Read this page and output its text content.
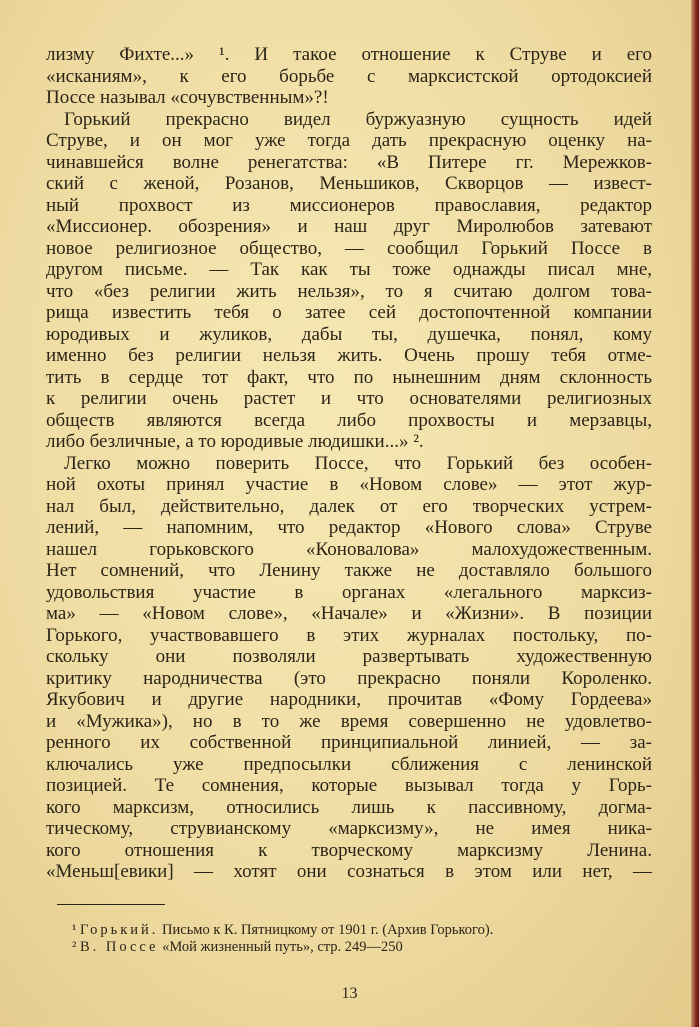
лизму Фихте...» ¹. И такое отношение к Струве и его
«исканиям», к его борьбе с марксистской ортодоксией
Поссе называл «сочувственным»?!
Горький прекрасно видел буржуазную сущность идей
Струве, и он мог уже тогда дать прекрасную оценку на-
чинавшейся волне ренегатства: «В Питере гг. Мережков-
ский с женой, Розанов, Меньшиков, Скворцов — извест-
ный прохвост из миссионеров православия, редактор
«Миссионер. обозрения» и наш друг Миролюбов затевают
новое религиозное общество, — сообщил Горький Поссе в
другом письме. — Так как ты тоже однажды писал мне,
что «без религии жить нельзя», то я считаю долгом това-
рища известить тебя о затее сей достопочтенной компании
юродивых и жуликов, дабы ты, душечка, понял, кому
именно без религии нельзя жить. Очень прошу тебя отме-
тить в сердце тот факт, что по нынешним дням склонность
к религии очень растет и что основателями религиозных
обществ являются всегда либо прохвосты и мерзавцы,
либо безличные, а то юродивые людишки...» ².
Легко можно поверить Поссе, что Горький без особен-
ной охоты принял участие в «Новом слове» — этот жур-
нал был, действительно, далек от его творческих устрем-
лений, — напомним, что редактор «Нового слова» Струве
нашел горьковского «Коновалова» малохудожественным.
Нет сомнений, что Ленину также не доставляло большого
удовольствия участие в органах «легального марксиз-
ма» — «Новом слове», «Начале» и «Жизни». В позиции
Горького, участвовавшего в этих журналах постольку, по-
скольку они позволяли развертывать художественную
критику народничества (это прекрасно поняли Короленко.
Якубович и другие народники, прочитав «Фому Гордеева»
и «Мужика»), но в то же время совершенно не удовлетво-
ренного их собственной принципиальной линией, — за-
ключались уже предпосылки сближения с ленинской
позицией. Те сомнения, которые вызывал тогда у Горь-
кого марксизм, относились лишь к пассивному, догма-
тическому, струвианскому «марксизму», не имея никa-
кого отношения к творческому марксизму Ленина.
«Меньш[евики] — хотят они сознаться в этом или нет, —
¹ Горький. Письмо к К. Пятницкому от 1901 г. (Архив Горького).
² В. Поссе «Мой жизненный путь», стр. 249—250
13
